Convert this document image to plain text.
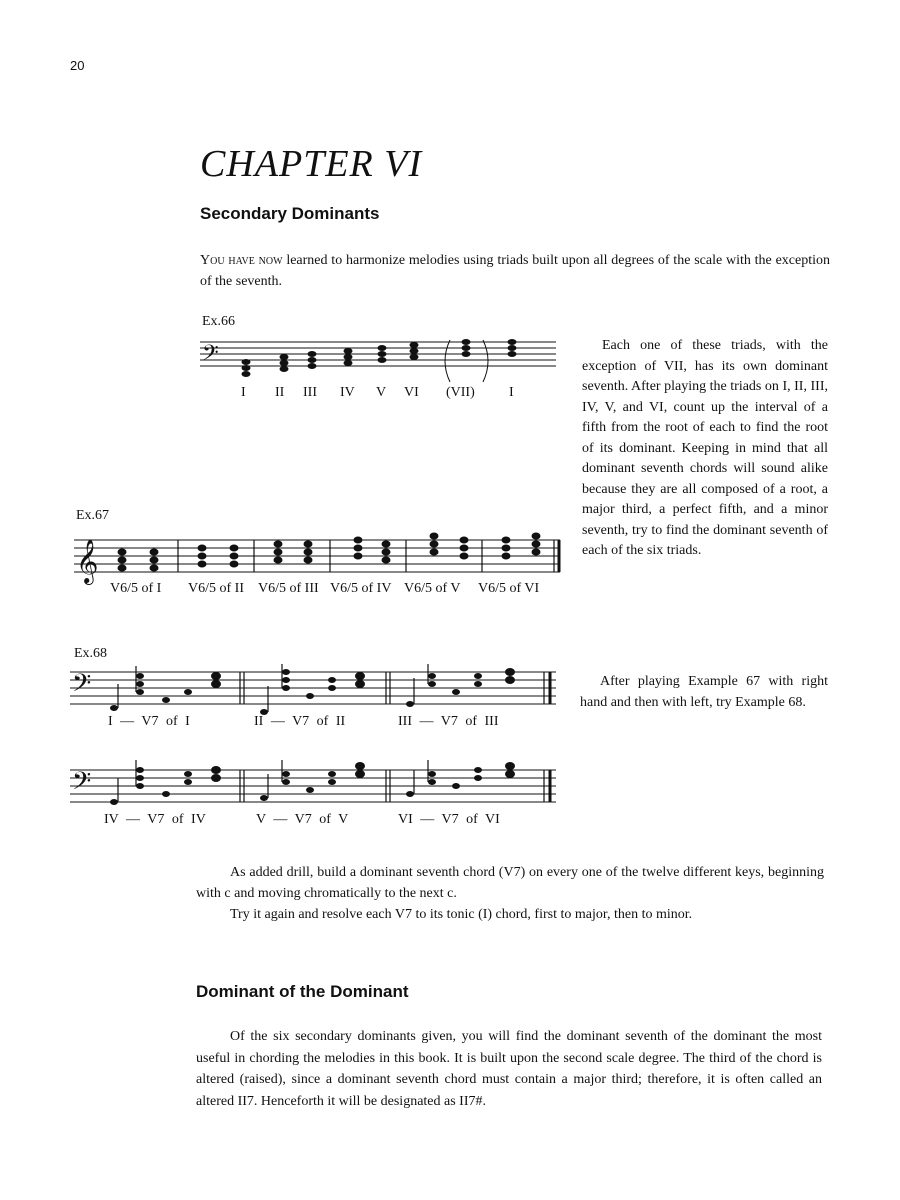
20
CHAPTER VI
Secondary Dominants
You have now learned to harmonize melodies using triads built upon all degrees of the scale with the exception of the seventh.
Ex.66
𝄢
I II III IV V VI (VII) I
Each one of these triads, with the exception of VII, has its own dominant seventh. After playing the triads on I, II, III, IV, V, and VI, count up the interval of a fifth from the root of each to find the root of its dominant. Keeping in mind that all dominant seventh chords will sound alike because they are all composed of a root, a major third, a perfect fifth, and a minor seventh, try to find the dominant seventh of each of the six triads.
Ex.67
𝄞
V6/5 of I V6/5 of II V6/5 of III V6/5 of IV V6/5 of V V6/5 of VI
Ex.68
𝄢
I — V7 of I	II — V7 of II	III — V7 of III
𝄢
IV — V7 of IV	V — V7 of V	VI — V7 of VI
After playing Example 67 with right hand and then with left, try Example 68.
As added drill, build a dominant seventh chord (V7) on every one of the twelve different keys, beginning with c and moving chromatically to the next c.
Try it again and resolve each V7 to its tonic (I) chord, first to major, then to minor.
Dominant of the Dominant
Of the six secondary dominants given, you will find the dominant seventh of the dominant the most useful in chording the melodies in this book. It is built upon the second scale degree. The third of the chord is altered (raised), since a dominant seventh chord must contain a major third; therefore, it is often called an altered II7. Henceforth it will be designated as II7#.
